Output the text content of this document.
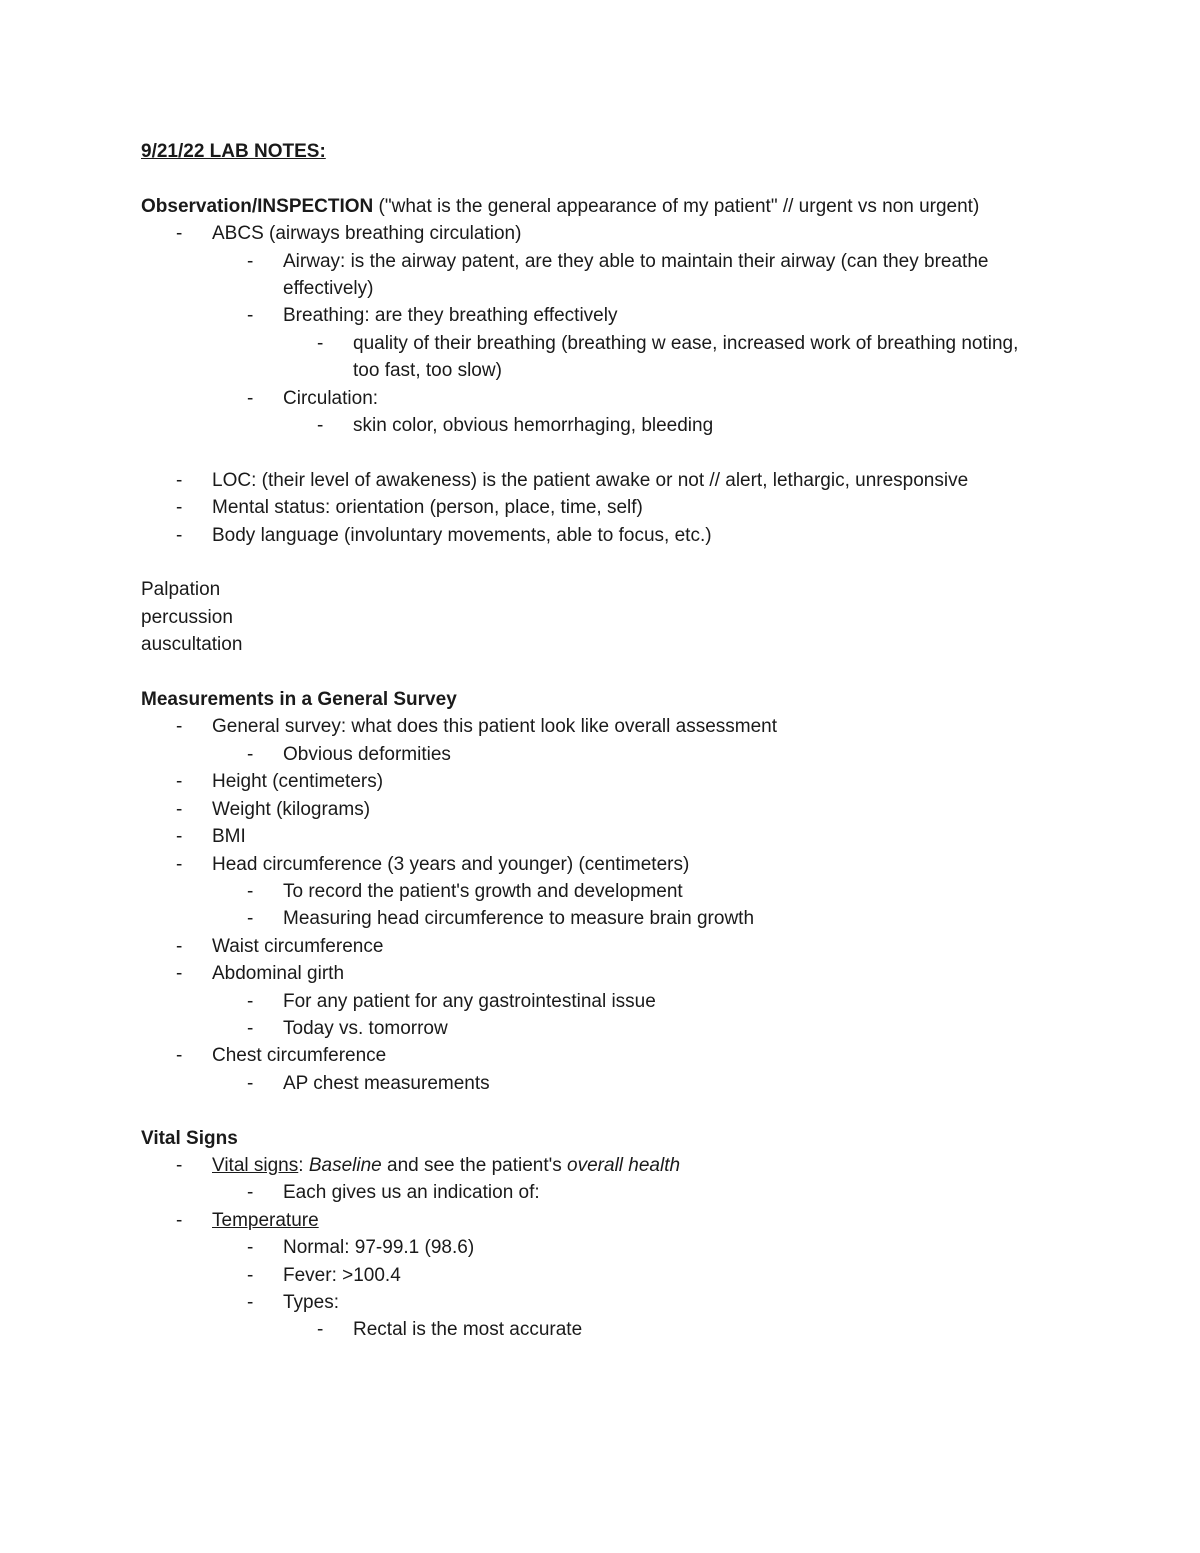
9/21/22 LAB NOTES:
Observation/INSPECTION ("what is the general appearance of my patient" // urgent vs non urgent)
- ABCS (airways breathing circulation)
- Airway: is the airway patent, are they able to maintain their airway (can they breathe effectively)
- Breathing: are they breathing effectively
- quality of their breathing (breathing w ease, increased work of breathing noting, too fast, too slow)
- Circulation:
- skin color, obvious hemorrhaging, bleeding
- LOC: (their level of awakeness) is the patient awake or not // alert, lethargic, unresponsive
- Mental status: orientation (person, place, time, self)
- Body language (involuntary movements, able to focus, etc.)
Palpation
percussion
auscultation
Measurements in a General Survey
- General survey: what does this patient look like overall assessment
- Obvious deformities
- Height (centimeters)
- Weight (kilograms)
- BMI
- Head circumference (3 years and younger) (centimeters)
- To record the patient's growth and development
- Measuring head circumference to measure brain growth
- Waist circumference
- Abdominal girth
- For any patient for any gastrointestinal issue
- Today vs. tomorrow
- Chest circumference
- AP chest measurements
Vital Signs
- Vital signs: Baseline and see the patient's overall health
- Each gives us an indication of:
- Temperature
- Normal: 97-99.1 (98.6)
- Fever: >100.4
- Types:
- Rectal is the most accurate
